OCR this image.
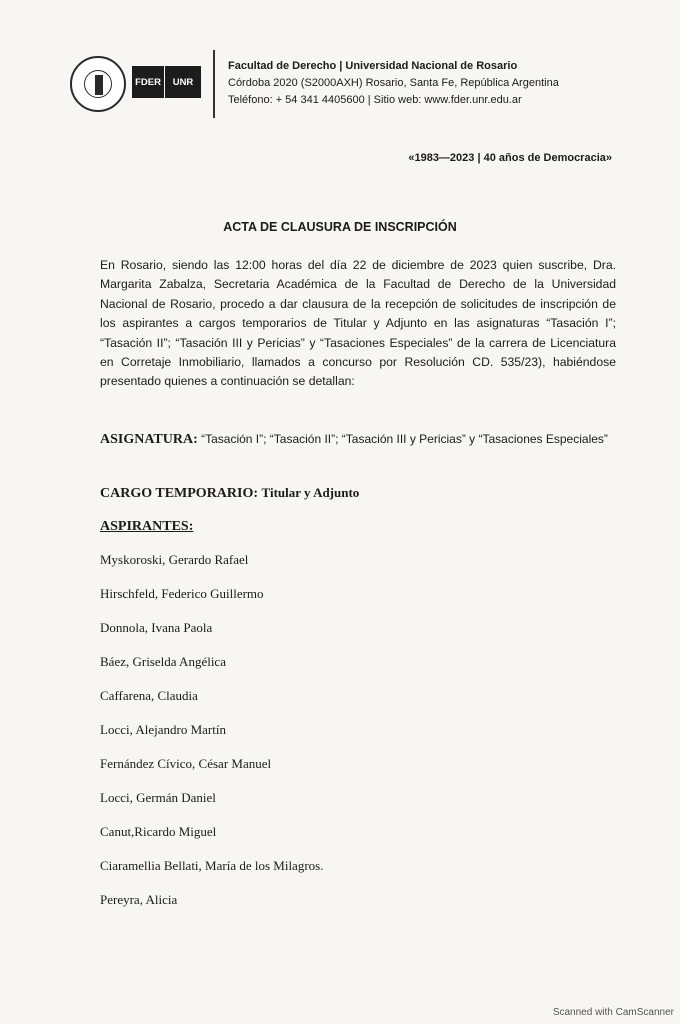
FDER	UNR
Facultad de Derecho | Universidad Nacional de Rosario
Córdoba 2020 (S2000AXH) Rosario, Santa Fe, República Argentina
Teléfono: + 54 341 4405600 | Sitio web: www.fder.unr.edu.ar
«1983—2023 | 40 años de Democracia»
ACTA DE CLAUSURA DE INSCRIPCIÓN
En Rosario, siendo las 12:00 horas del día 22 de diciembre de 2023 quien suscribe, Dra. Margarita Zabalza, Secretaria Académica de la Facultad de Derecho de la Universidad Nacional de Rosario, procedo a dar clausura de la recepción de solicitudes de inscripción de los aspirantes a cargos temporarios de Titular y Adjunto en las asignaturas “Tasación I”; “Tasación II”; “Tasación III y Pericias” y “Tasaciones Especiales” de la carrera de Licenciatura en Corretaje Inmobiliario, llamados a concurso por Resolución CD. 535/23), habiéndose presentado quienes a continuación se detallan:
ASIGNATURA: “Tasación I”; “Tasación II”; “Tasación III y Pericias” y “Tasaciones Especiales”
CARGO TEMPORARIO: Titular y Adjunto
ASPIRANTES:
Myskoroski, Gerardo Rafael
Hirschfeld, Federico Guillermo
Donnola, Ivana Paola
Báez, Griselda Angélica
Caffarena, Claudia
Locci, Alejandro Martín
Fernández Cívico, César Manuel
Locci, Germán Daniel
Canut,Ricardo Miguel
Ciaramellia Bellati, María de los Milagros.
Pereyra, Alicia
Scanned with CamScanner
